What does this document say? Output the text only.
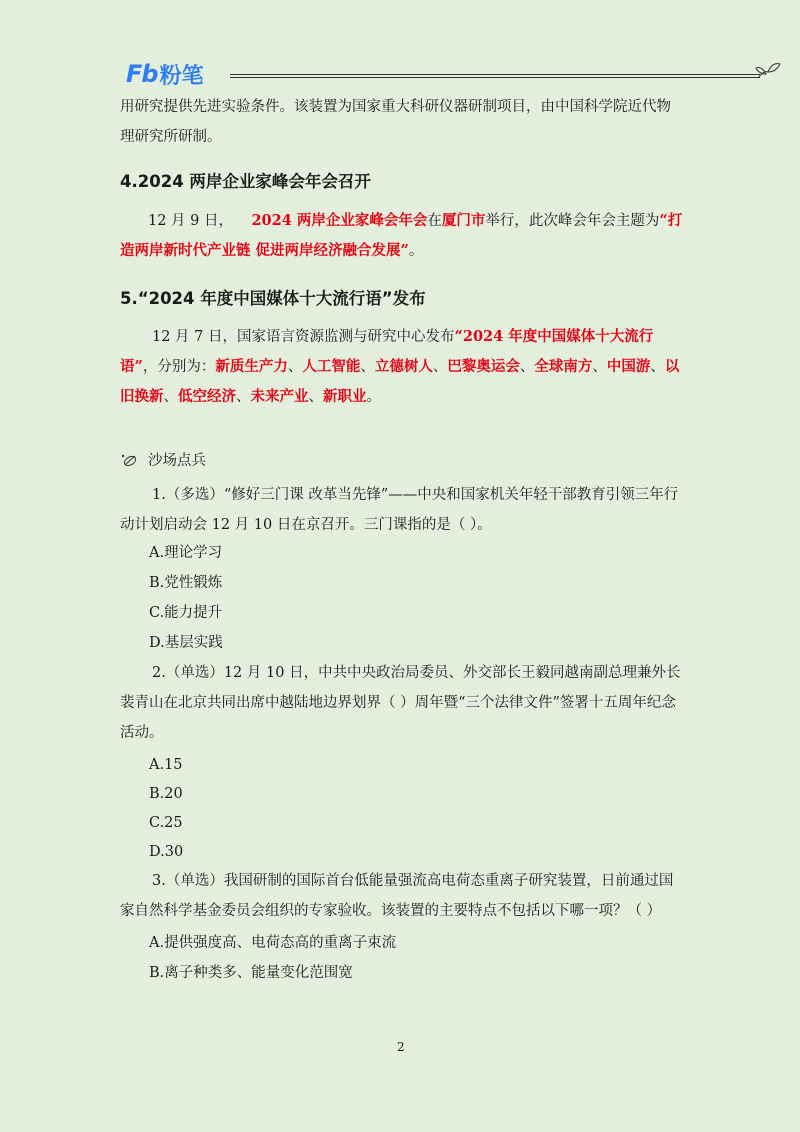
Fb 粉笔

用研究提供先进实验条件。该装置为国家重大科研仪器研制项目，由中国科学院近代物理研究所研制。

4.2024 两岸企业家峰会年会召开

12 月 9 日， 2024 两岸企业家峰会年会在厦门市举行，此次峰会年会主题为“打造两岸新时代产业链 促进两岸经济融合发展”。

5.“2024 年度中国媒体十大流行语”发布

12 月 7 日，国家语言资源监测与研究中心发布“2024 年度中国媒体十大流行语”，分别为：新质生产力、人工智能、立德树人、巴黎奥运会、全球南方、中国游、以旧换新、低空经济、未来产业、新职业。

沙场点兵

1.（多选）“修好三门课 改革当先锋”——中央和国家机关年轻干部教育引领三年行动计划启动会 12 月 10 日在京召开。三门课指的是（ ）。

A.理论学习
B.党性锻炼
C.能力提升
D.基层实践

2.（单选）12 月 10 日，中共中央政治局委员、外交部长王毅同越南副总理兼外长裴青山在北京共同出席中越陆地边界划界（ ）周年暨“三个法律文件”签署十五周年纪念活动。

A.15
B.20
C.25
D.30

3.（单选）我国研制的国际首台低能量强流高电荷态重离子研究装置，日前通过国家自然科学基金委员会组织的专家验收。该装置的主要特点不包括以下哪一项？（ ）

A.提供强度高、电荷态高的重离子束流
B.离子种类多、能量变化范围宽
2
